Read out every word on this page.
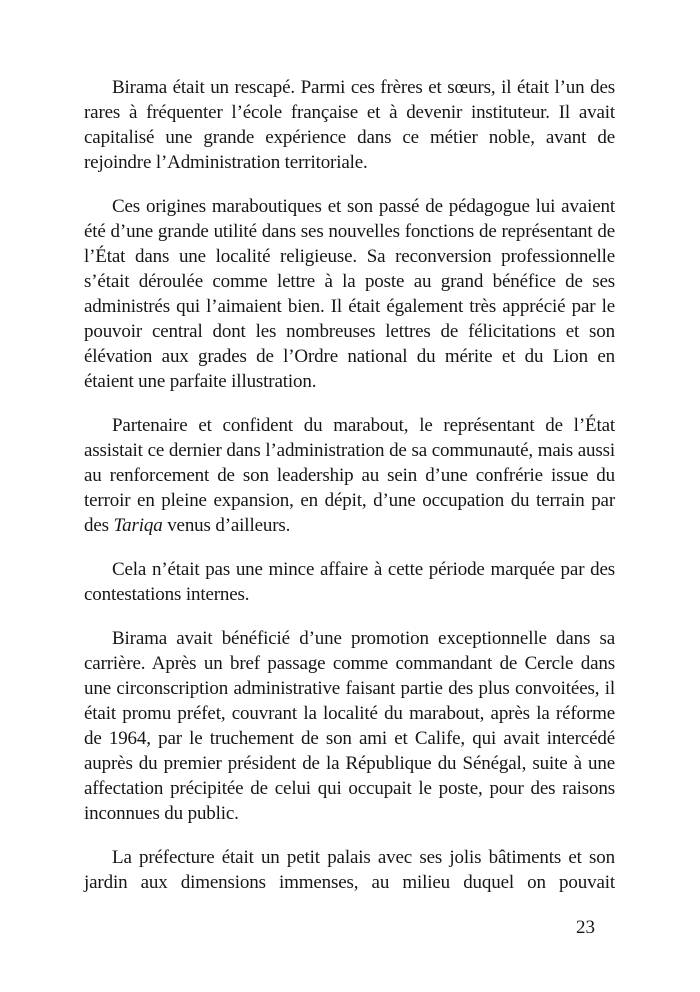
Birama était un rescapé. Parmi ces frères et sœurs, il était l’un des rares à fréquenter l’école française et à devenir instituteur. Il avait capitalisé une grande expérience dans ce métier noble, avant de rejoindre l’Administration territoriale.

Ces origines maraboutiques et son passé de pédagogue lui avaient été d’une grande utilité dans ses nouvelles fonctions de représentant de l’État dans une localité religieuse. Sa reconversion professionnelle s’était déroulée comme lettre à la poste au grand bénéfice de ses administrés qui l’aimaient bien. Il était également très apprécié par le pouvoir central dont les nombreuses lettres de félicitations et son élévation aux grades de l’Ordre national du mérite et du Lion en étaient une parfaite illustration.

Partenaire et confident du marabout, le représentant de l’État assistait ce dernier dans l’administration de sa communauté, mais aussi au renforcement de son leadership au sein d’une confrérie issue du terroir en pleine expansion, en dépit, d’une occupation du terrain par des Tariqa venus d’ailleurs.

Cela n’était pas une mince affaire à cette période marquée par des contestations internes.

Birama avait bénéficié d’une promotion exceptionnelle dans sa carrière. Après un bref passage comme commandant de Cercle dans une circonscription administrative faisant partie des plus convoitées, il était promu préfet, couvrant la localité du marabout, après la réforme de 1964, par le truchement de son ami et Calife, qui avait intercédé auprès du premier président de la République du Sénégal, suite à une affectation précipitée de celui qui occupait le poste, pour des raisons inconnues du public.

La préfecture était un petit palais avec ses jolis bâtiments et son jardin aux dimensions immenses, au milieu duquel on pouvait

23
